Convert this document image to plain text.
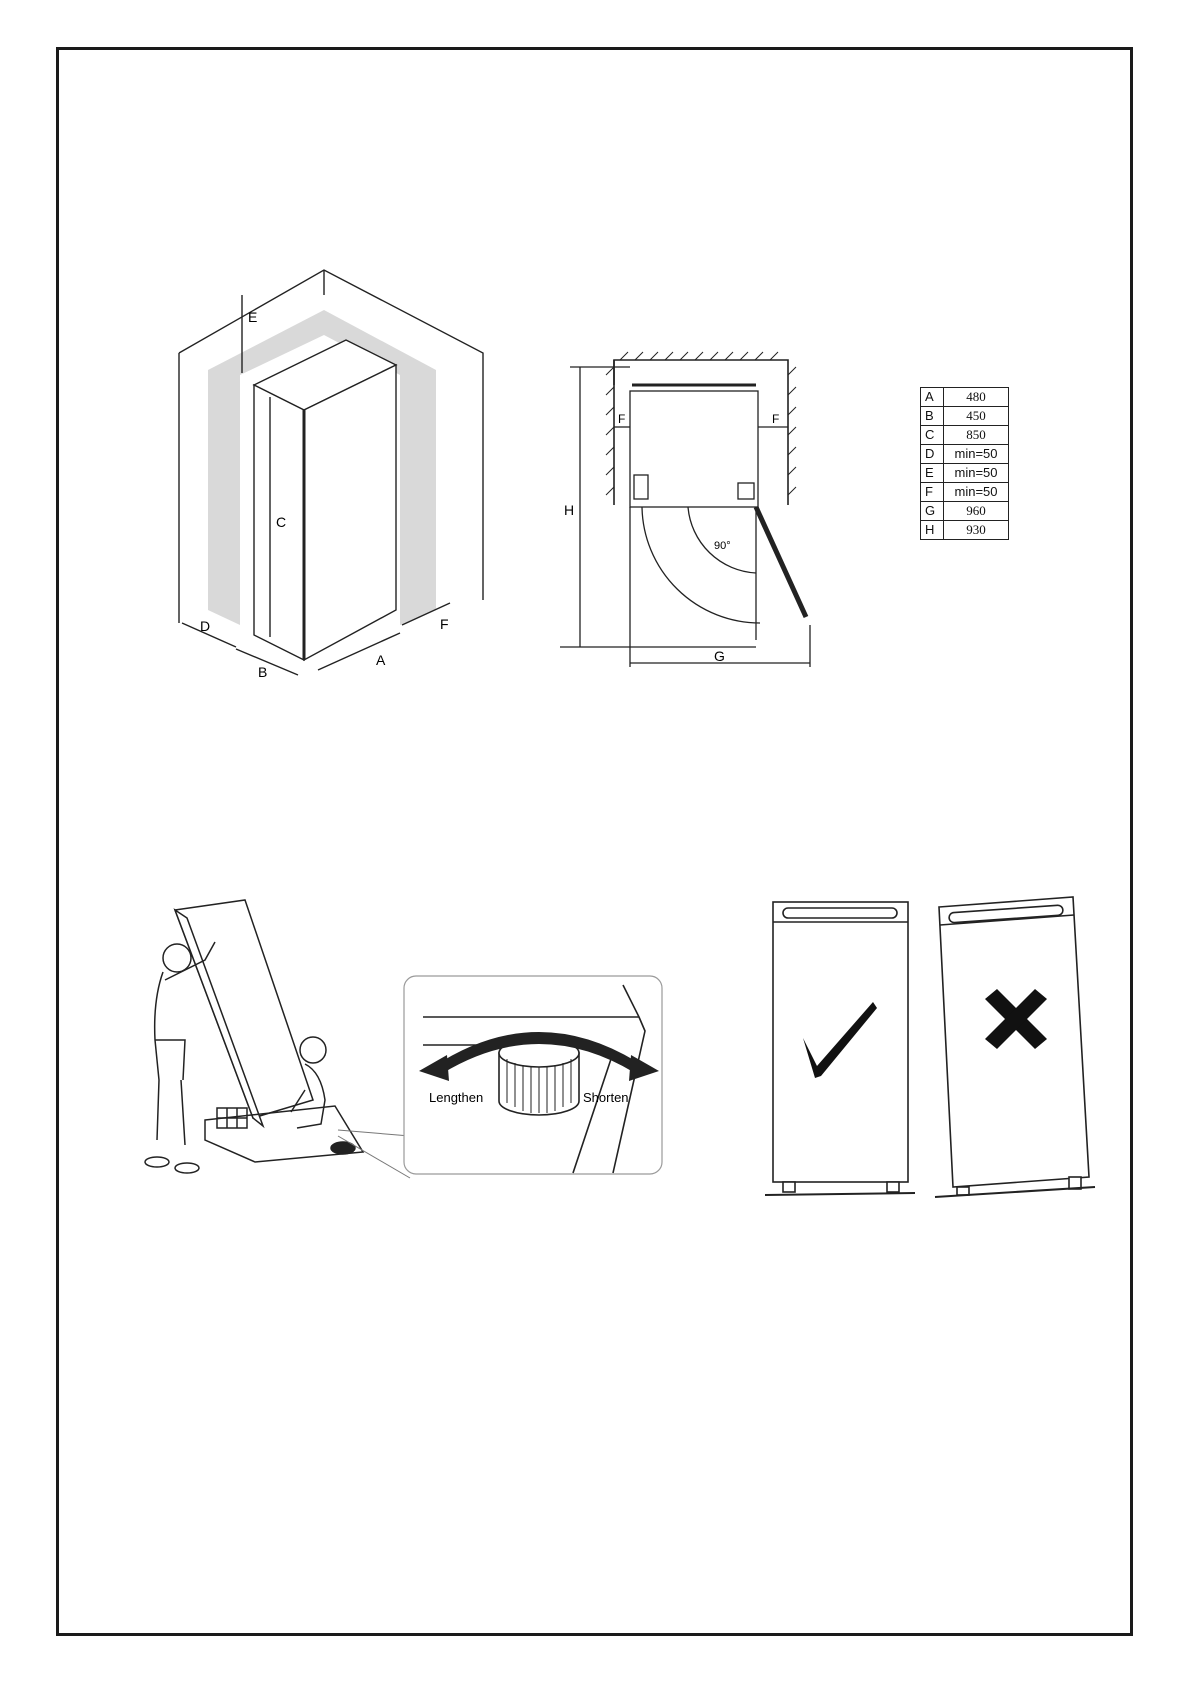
E
C
D
B
A
F
F	F
H
G
90°
A	480
B	450
C	850
D	min=50
E	min=50
F	min=50
G	960
H	930
Lengthen	Shorten
